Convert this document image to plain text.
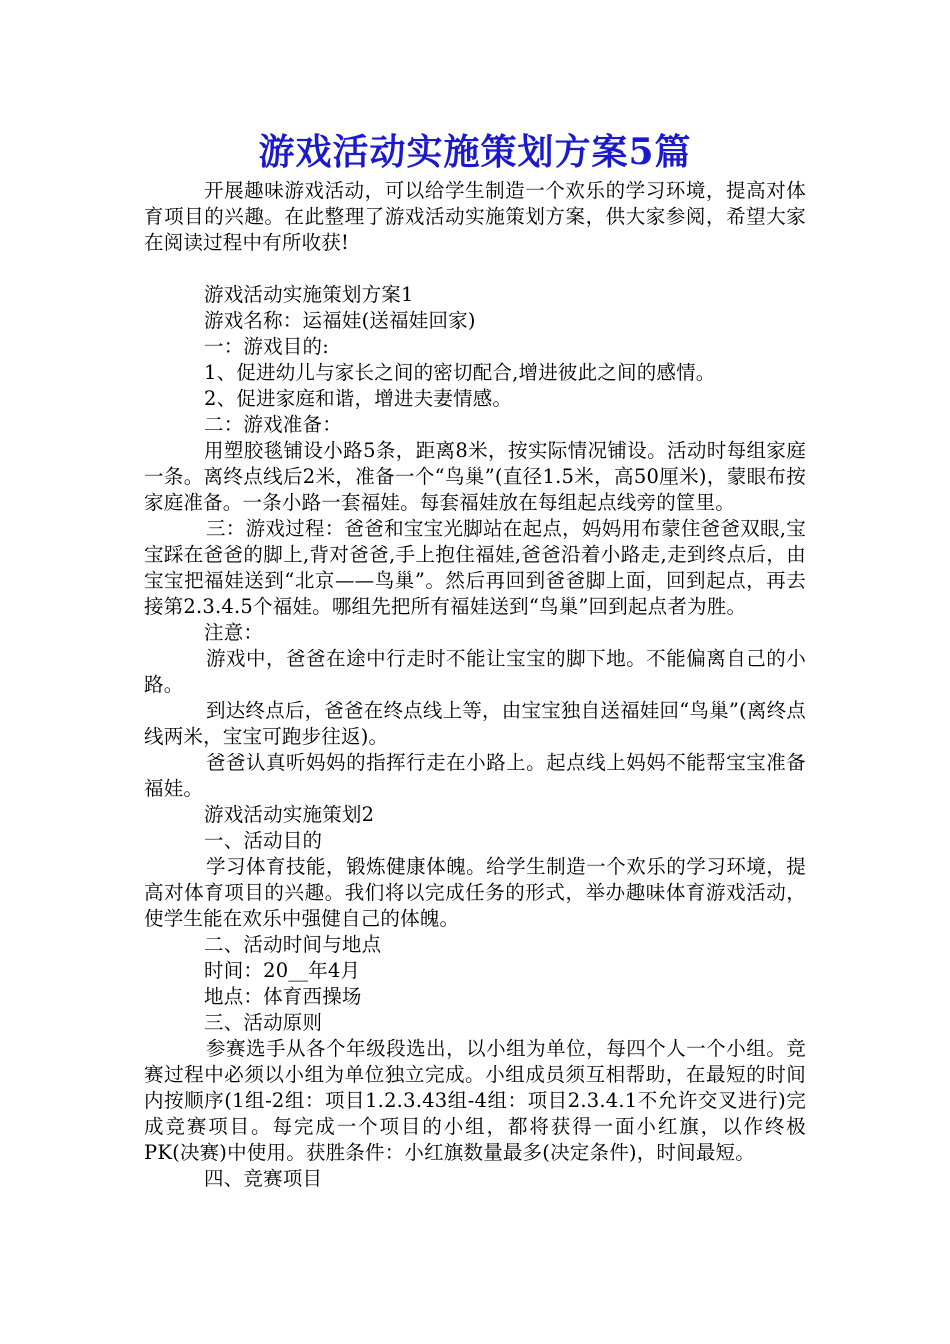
游戏活动实施策划方案5篇

开展趣味游戏活动，可以给学生制造一个欢乐的学习环境，提高对体育项目的兴趣。在此整理了游戏活动实施策划方案，供大家参阅，希望大家在阅读过程中有所收获!

游戏活动实施策划方案1

游戏名称：运福娃(送福娃回家)

一：游戏目的:

1、促进幼儿与家长之间的密切配合,增进彼此之间的感情。

2、促进家庭和谐，增进夫妻情感。

二：游戏准备：

用塑胶毯铺设小路5条，距离8米，按实际情况铺设。活动时每组家庭一条。离终点线后2米，准备一个“鸟巢”(直径1.5米，高50厘米)，蒙眼布按家庭准备。一条小路一套福娃。每套福娃放在每组起点线旁的筐里。

三：游戏过程：爸爸和宝宝光脚站在起点，妈妈用布蒙住爸爸双眼,宝宝踩在爸爸的脚上,背对爸爸,手上抱住福娃,爸爸沿着小路走,走到终点后，由宝宝把福娃送到“北京——鸟巢”。然后再回到爸爸脚上面，回到起点，再去接第2.3.4.5个福娃。哪组先把所有福娃送到“鸟巢”回到起点者为胜。

注意：

游戏中，爸爸在途中行走时不能让宝宝的脚下地。不能偏离自己的小路。

到达终点后，爸爸在终点线上等，由宝宝独自送福娃回“鸟巢”(离终点线两米，宝宝可跑步往返)。

爸爸认真听妈妈的指挥行走在小路上。起点线上妈妈不能帮宝宝准备福娃。

游戏活动实施策划2

一、活动目的

学习体育技能，锻炼健康体魄。给学生制造一个欢乐的学习环境，提高对体育项目的兴趣。我们将以完成任务的形式，举办趣味体育游戏活动，使学生能在欢乐中强健自己的体魄。

二、活动时间与地点

时间：20__年4月

地点：体育西操场

三、活动原则

参赛选手从各个年级段选出，以小组为单位，每四个人一个小组。竞赛过程中必须以小组为单位独立完成。小组成员须互相帮助，在最短的时间内按顺序(1组-2组：项目1.2.3.43组-4组：项目2.3.4.1不允许交叉进行)完成竞赛项目。每完成一个项目的小组，都将获得一面小红旗，以作终极PK(决赛)中使用。获胜条件：小红旗数量最多(决定条件)，时间最短。

四、竞赛项目
